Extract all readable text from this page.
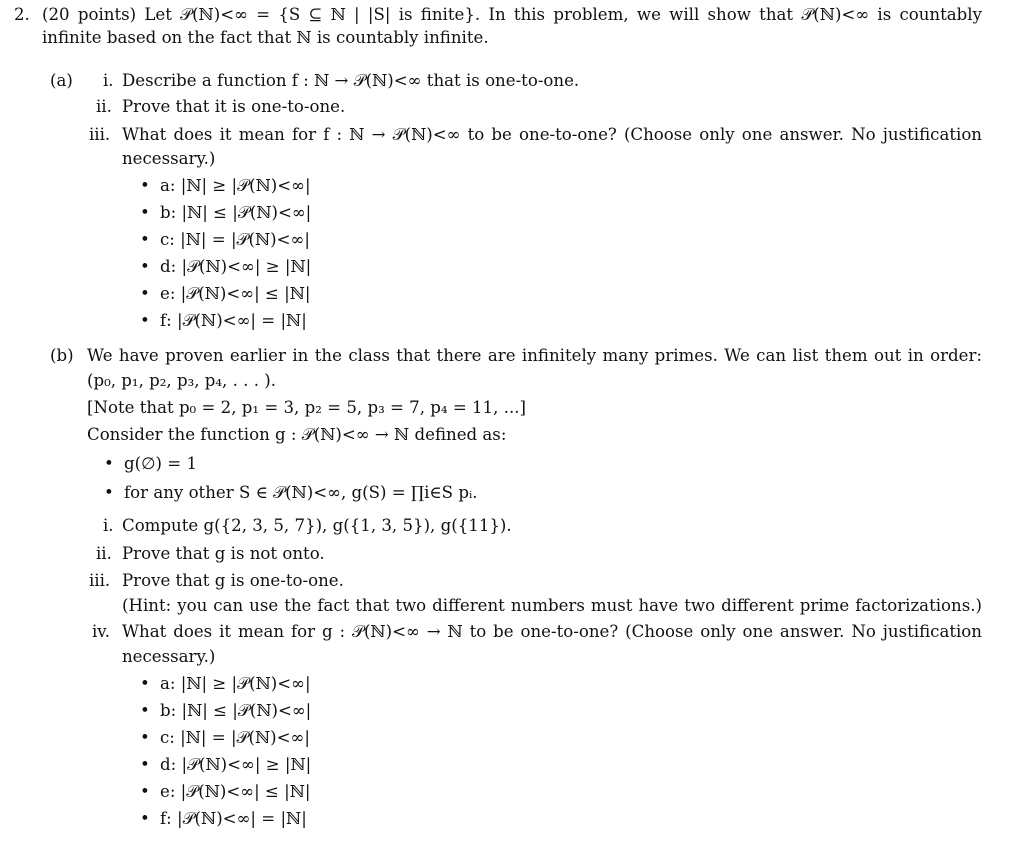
2. (20 points) Let 𝒫(ℕ)<∞ = {S ⊆ ℕ | |S| is finite}. In this problem, we will show that 𝒫(ℕ)<∞ is countably
infinite based on the fact that ℕ is countably infinite.
(a) i. Describe a function f : ℕ → 𝒫(ℕ)<∞ that is one-to-one.
ii. Prove that it is one-to-one.
iii. What does it mean for f : ℕ → 𝒫(ℕ)<∞ to be one-to-one? (Choose only one answer. No justification
necessary.)
• a: |ℕ| ≥ |𝒫(ℕ)<∞|
• b: |ℕ| ≤ |𝒫(ℕ)<∞|
• c: |ℕ| = |𝒫(ℕ)<∞|
• d: |𝒫(ℕ)<∞| ≥ |ℕ|
• e: |𝒫(ℕ)<∞| ≤ |ℕ|
• f: |𝒫(ℕ)<∞| = |ℕ|
(b) We have proven earlier in the class that there are infinitely many primes. We can list them out in order:
(p₀, p₁, p₂, p₃, p₄, . . . ).
[Note that p₀ = 2, p₁ = 3, p₂ = 5, p₃ = 7, p₄ = 11, ...]
Consider the function g : 𝒫(ℕ)<∞ → ℕ defined as:
• g(∅) = 1
• for any other S ∈ 𝒫(ℕ)<∞, g(S) = ∏i∈S pᵢ.
i. Compute g({2, 3, 5, 7}), g({1, 3, 5}), g({11}).
ii. Prove that g is not onto.
iii. Prove that g is one-to-one.
(Hint: you can use the fact that two different numbers must have two different prime factorizations.)
iv. What does it mean for g : 𝒫(ℕ)<∞ → ℕ to be one-to-one? (Choose only one answer. No justification
necessary.)
• a: |ℕ| ≥ |𝒫(ℕ)<∞|
• b: |ℕ| ≤ |𝒫(ℕ)<∞|
• c: |ℕ| = |𝒫(ℕ)<∞|
• d: |𝒫(ℕ)<∞| ≥ |ℕ|
• e: |𝒫(ℕ)<∞| ≤ |ℕ|
• f: |𝒫(ℕ)<∞| = |ℕ|
